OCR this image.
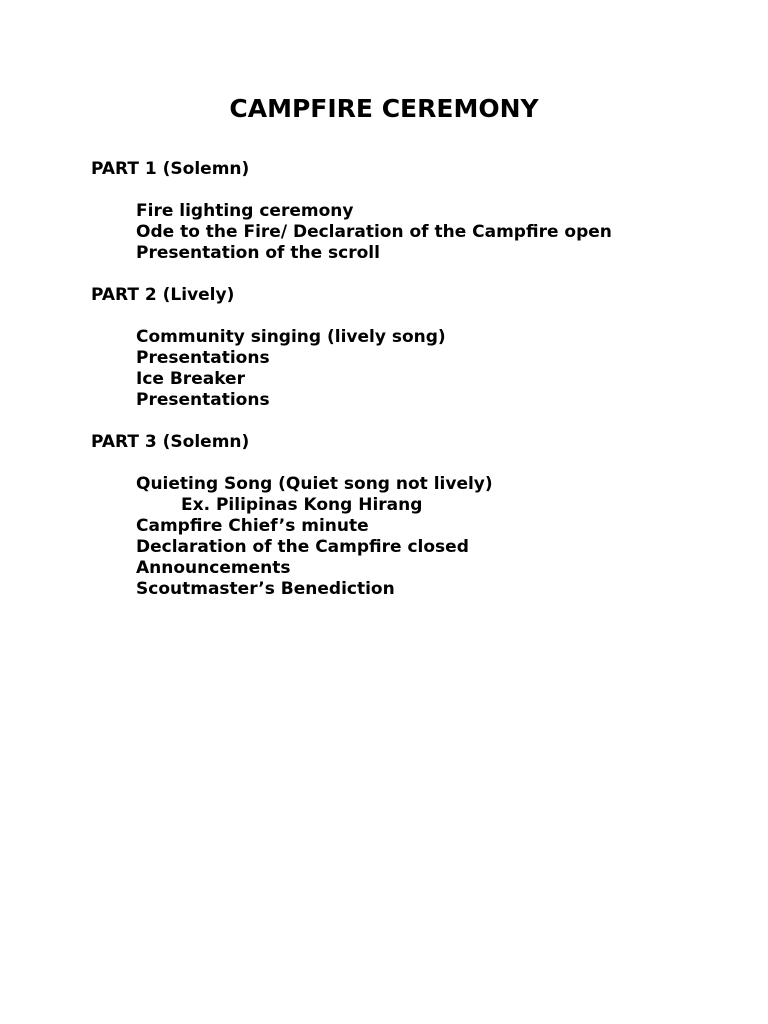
CAMPFIRE CEREMONY

PART 1 (Solemn)

Fire lighting ceremony
Ode to the Fire/ Declaration of the Campfire open
Presentation of the scroll

PART 2 (Lively)

Community singing (lively song)
Presentations
Ice Breaker
Presentations

PART 3 (Solemn)

Quieting Song (Quiet song not lively)
Ex. Pilipinas Kong Hirang
Campfire Chief’s minute
Declaration of the Campfire closed
Announcements
Scoutmaster’s Benediction
